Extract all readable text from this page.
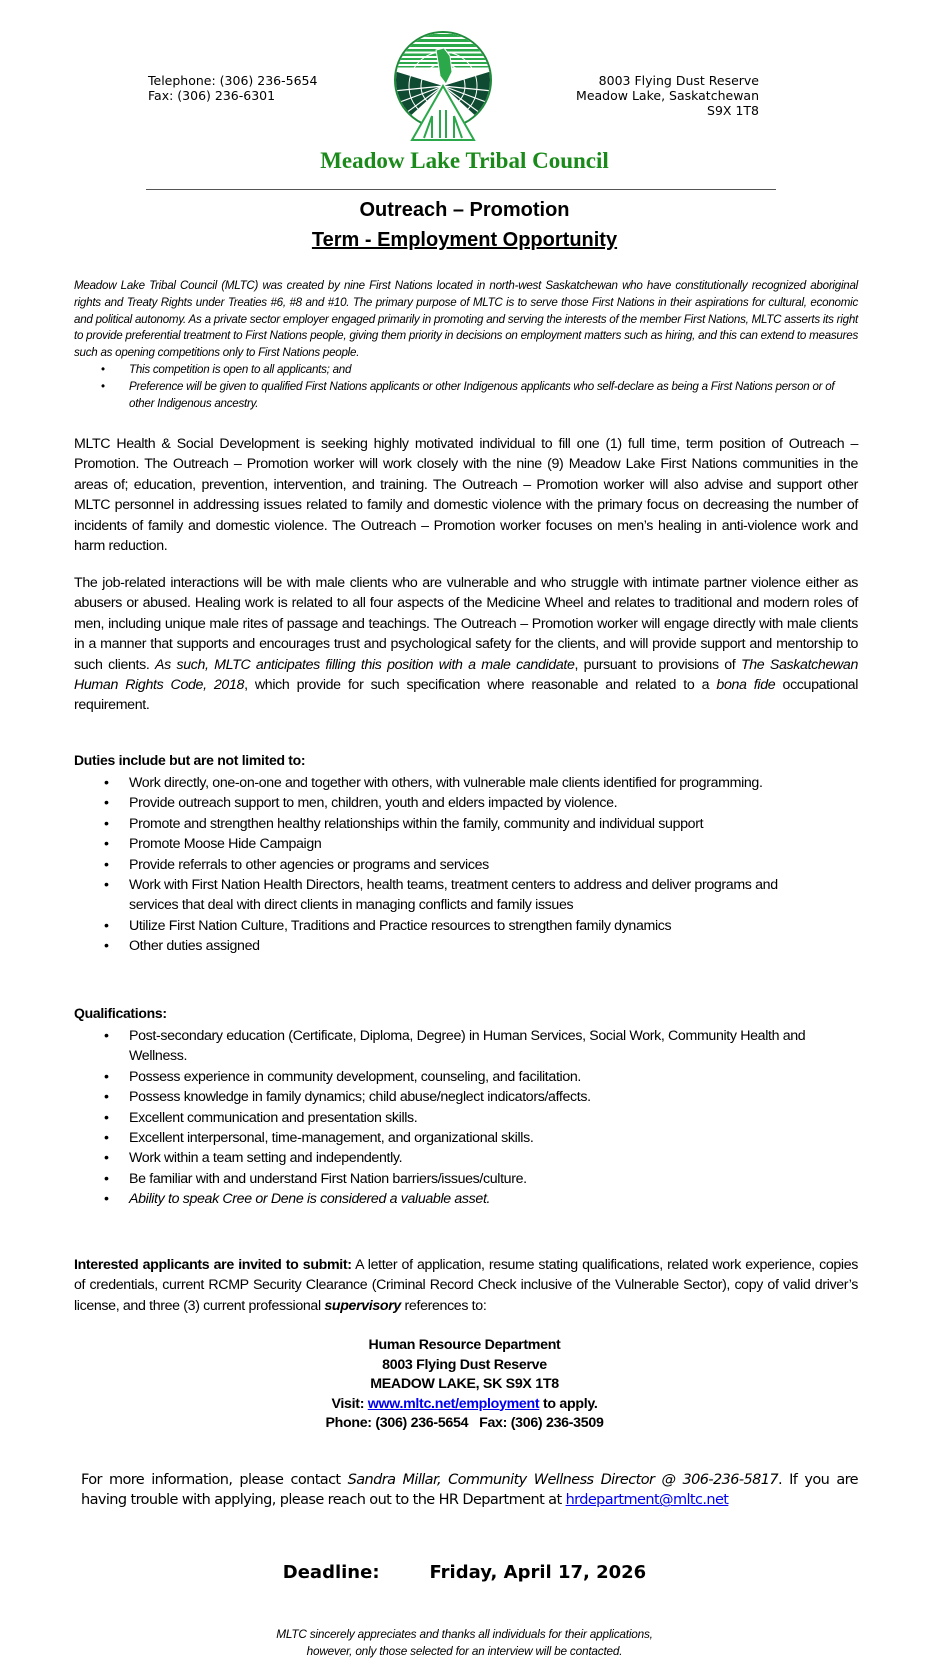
Telephone: (306) 236-5654
Fax: (306) 236-6301
8003 Flying Dust Reserve
Meadow Lake, Saskatchewan
S9X 1T8
Meadow Lake Tribal Council
Outreach – Promotion
Term - Employment Opportunity
Meadow Lake Tribal Council (MLTC) was created by nine First Nations located in north-west Saskatchewan who have constitutionally recognized aboriginal rights and Treaty Rights under Treaties #6, #8 and #10. The primary purpose of MLTC is to serve those First Nations in their aspirations for cultural, economic and political autonomy. As a private sector employer engaged primarily in promoting and serving the interests of the member First Nations, MLTC asserts its right to provide preferential treatment to First Nations people, giving them priority in decisions on employment matters such as hiring, and this can extend to measures such as opening competitions only to First Nations people.
• This competition is open to all applicants; and
• Preference will be given to qualified First Nations applicants or other Indigenous applicants who self-declare as being a First Nations person or of other Indigenous ancestry.
MLTC Health & Social Development is seeking highly motivated individual to fill one (1) full time, term position of Outreach – Promotion. The Outreach – Promotion worker will work closely with the nine (9) Meadow Lake First Nations communities in the areas of; education, prevention, intervention, and training. The Outreach – Promotion worker will also advise and support other MLTC personnel in addressing issues related to family and domestic violence with the primary focus on decreasing the number of incidents of family and domestic violence. The Outreach – Promotion worker focuses on men’s healing in anti-violence work and harm reduction.
The job-related interactions will be with male clients who are vulnerable and who struggle with intimate partner violence either as abusers or abused. Healing work is related to all four aspects of the Medicine Wheel and relates to traditional and modern roles of men, including unique male rites of passage and teachings. The Outreach – Promotion worker will engage directly with male clients in a manner that supports and encourages trust and psychological safety for the clients, and will provide support and mentorship to such clients. As such, MLTC anticipates filling this position with a male candidate, pursuant to provisions of The Saskatchewan Human Rights Code, 2018, which provide for such specification where reasonable and related to a bona fide occupational requirement.
Duties include but are not limited to:
• Work directly, one-on-one and together with others, with vulnerable male clients identified for programming.
• Provide outreach support to men, children, youth and elders impacted by violence.
• Promote and strengthen healthy relationships within the family, community and individual support
• Promote Moose Hide Campaign
• Provide referrals to other agencies or programs and services
• Work with First Nation Health Directors, health teams, treatment centers to address and deliver programs and services that deal with direct clients in managing conflicts and family issues
• Utilize First Nation Culture, Traditions and Practice resources to strengthen family dynamics
• Other duties assigned
Qualifications:
• Post-secondary education (Certificate, Diploma, Degree) in Human Services, Social Work, Community Health and Wellness.
• Possess experience in community development, counseling, and facilitation.
• Possess knowledge in family dynamics; child abuse/neglect indicators/affects.
• Excellent communication and presentation skills.
• Excellent interpersonal, time-management, and organizational skills.
• Work within a team setting and independently.
• Be familiar with and understand First Nation barriers/issues/culture.
• Ability to speak Cree or Dene is considered a valuable asset.
Interested applicants are invited to submit: A letter of application, resume stating qualifications, related work experience, copies of credentials, current RCMP Security Clearance (Criminal Record Check inclusive of the Vulnerable Sector), copy of valid driver’s license, and three (3) current professional supervisory references to:
Human Resource Department
8003 Flying Dust Reserve
MEADOW LAKE, SK S9X 1T8
Visit: www.mltc.net/employment to apply.
Phone: (306) 236-5654   Fax: (306) 236-3509
For more information, please contact Sandra Millar, Community Wellness Director @ 306-236-5817. If you are having trouble with applying, please reach out to the HR Department at hrdepartment@mltc.net
Deadline:	Friday, April 17, 2026
MLTC sincerely appreciates and thanks all individuals for their applications,
however, only those selected for an interview will be contacted.
